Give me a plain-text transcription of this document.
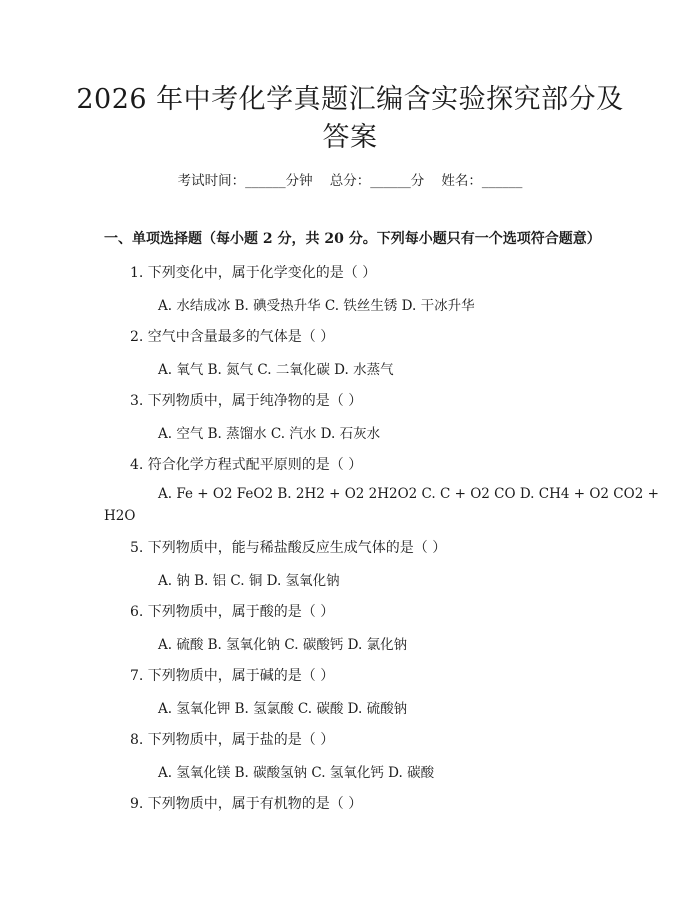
2026 年中考化学真题汇编含实验探究部分及
答案
考试时间：______分钟    总分：______分    姓名：______
一、单项选择题（每小题 2 分，共 20 分。下列每小题只有一个选项符合题意）
1. 下列变化中，属于化学变化的是（ ）
A. 水结成冰 B. 碘受热升华 C. 铁丝生锈 D. 干冰升华
2. 空气中含量最多的气体是（ ）
A. 氧气 B. 氮气 C. 二氧化碳 D. 水蒸气
3. 下列物质中，属于纯净物的是（ ）
A. 空气 B. 蒸馏水 C. 汽水 D. 石灰水
4. 符合化学方程式配平原则的是（ ）
A. Fe + O2 FeO2 B. 2H2 + O2 2H2O2 C. C + O2 CO D. CH4 + O2 CO2 +
H2O
5. 下列物质中，能与稀盐酸反应生成气体的是（ ）
A. 钠 B. 铝 C. 铜 D. 氢氧化钠
6. 下列物质中，属于酸的是（ ）
A. 硫酸 B. 氢氧化钠 C. 碳酸钙 D. 氯化钠
7. 下列物质中，属于碱的是（ ）
A. 氢氧化钾 B. 氢氯酸 C. 碳酸 D. 硫酸钠
8. 下列物质中，属于盐的是（ ）
A. 氢氧化镁 B. 碳酸氢钠 C. 氢氧化钙 D. 碳酸
9. 下列物质中，属于有机物的是（ ）
